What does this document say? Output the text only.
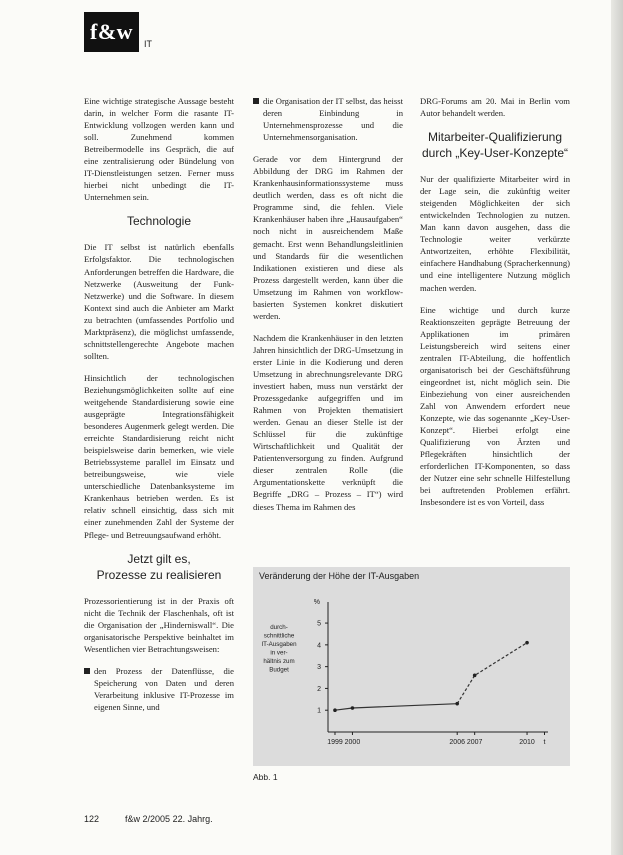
f&w	IT

Eine wichtige strategische Aussage besteht darin, in welcher Form die rasante IT-Entwicklung vollzogen werden kann und soll. Zunehmend kommen Betreibermodelle ins Gespräch, die auf eine zentralisierung oder Bündelung von IT-Dienstleistungen setzen. Ferner muss hierbei nicht unbedingt die IT-Unternehmen sein.

Technologie

Die IT selbst ist natürlich ebenfalls Erfolgsfaktor. Die technologischen Anforderungen betreffen die Hardware, die Netzwerke (Ausweitung der Funk-Netzwerke) und die Software. In diesem Kontext sind auch die Anbieter am Markt zu betrachten (umfassendes Portfolio und Marktpräsenz), die möglichst umfassende, schnittstellengerechte Angebote machen sollten.

Hinsichtlich der technologischen Beziehungsmöglichkeiten sollte auf eine weitgehende Standardisierung sowie eine ausgeprägte Integrationsfähigkeit besonderes Augenmerk gelegt werden. Die erreichte Standardisierung reicht nicht beispielsweise darin bemerken, wie viele Betriebssysteme parallel im Einsatz und betreibungsweise, wie viele unterschiedliche Datenbanksysteme im Krankenhaus betrieben werden. Es ist relativ schnell einsichtig, dass sich mit einer zunehmenden Zahl der Systeme der Pflege- und Betreuungsaufwand erhöht.

Jetzt gilt es,
Prozesse zu realisieren

Prozessorientierung ist in der Praxis oft nicht die Technik der Flaschenhals, oft ist die Organisation der „Hinderniswall“. Die organisatorische Perspektive beinhaltet im Wesentlichen vier Betrachtungsweisen:

den Prozess der Datenflüsse, die Speicherung von Daten und deren Verarbeitung inklusive IT-Prozesse im eigenen Sinne, und
die Organisation der IT selbst, das heisst deren Einbindung in Unternehmensprozesse und die Unternehmensorganisation.

Gerade vor dem Hintergrund der Abbildung der DRG im Rahmen der Krankenhausinformationssysteme muss deutlich werden, dass es oft nicht die Programme sind, die fehlen. Viele Krankenhäuser haben ihre „Hausaufgaben“ noch nicht in ausreichendem Maße gemacht. Erst wenn Behandlungsleitlinien und Standards für die wesentlichen Indikationen existieren und diese als Prozess dargestellt werden, kann über die Umsetzung im Rahmen von workflow-basierten Systemen konkret diskutiert werden.

Nachdem die Krankenhäuser in den letzten Jahren hinsichtlich der DRG-Umsetzung in erster Linie in die Kodierung und deren Umsetzung in abrechnungsrelevante DRG investiert haben, muss nun verstärkt der Prozessgedanke aufgegriffen und im Rahmen von Projekten thematisiert werden. Genau an dieser Stelle ist der Schlüssel für die zukünftige Wirtschaftlichkeit und Qualität der Patientenversorgung zu finden. Aufgrund dieser zentralen Rolle (die Argumentationskette verknüpft die Begriffe „DRG – Prozess – IT“) wird dieses Thema im Rahmen des

DRG-Forums am 20. Mai in Berlin vom Autor behandelt werden.

Mitarbeiter-Qualifizierung
durch „Key-User-Konzepte“

Nur der qualifizierte Mitarbeiter wird in der Lage sein, die zukünftig weiter steigenden Möglichkeiten der sich entwickelnden Technologien zu nutzen. Man kann davon ausgehen, dass die Technologie weiter verkürzte Antwortzeiten, erhöhte Flexibilität, einfachere Handhabung (Spracherkennung) und eine intelligentere Nutzung möglich machen werden.

Eine wichtige und durch kurze Reaktionszeiten geprägte Betreuung der Applikationen im primären Leistungsbereich wird seitens einer zentralen IT-Abteilung, die hoffentlich organisatorisch bei der Geschäftsführung eingeordnet ist, nicht möglich sein. Die Einbeziehung von einer ausreichenden Zahl von Anwendern erfordert neue Konzepte, wie das sogenannte „Key-User-Konzept“. Hierbei erfolgt eine Qualifizierung von Ärzten und Pflegekräften hinsichtlich der erforderlichen IT-Komponenten, so dass der Nutzer eine sehr schnelle Hilfestellung bei auftretenden Problemen erfährt. Insbesondere ist es von Vorteil, dass

Veränderung der Höhe der IT-Ausgaben
%
1
2
3
4
5
durch-
schnittliche
IT-Ausgaben
in ver-
hältnis zum
Budget
1999 2000	2006 2007	2010 t
Abb. 1
122	f&w 2/2005 22. Jahrg.
